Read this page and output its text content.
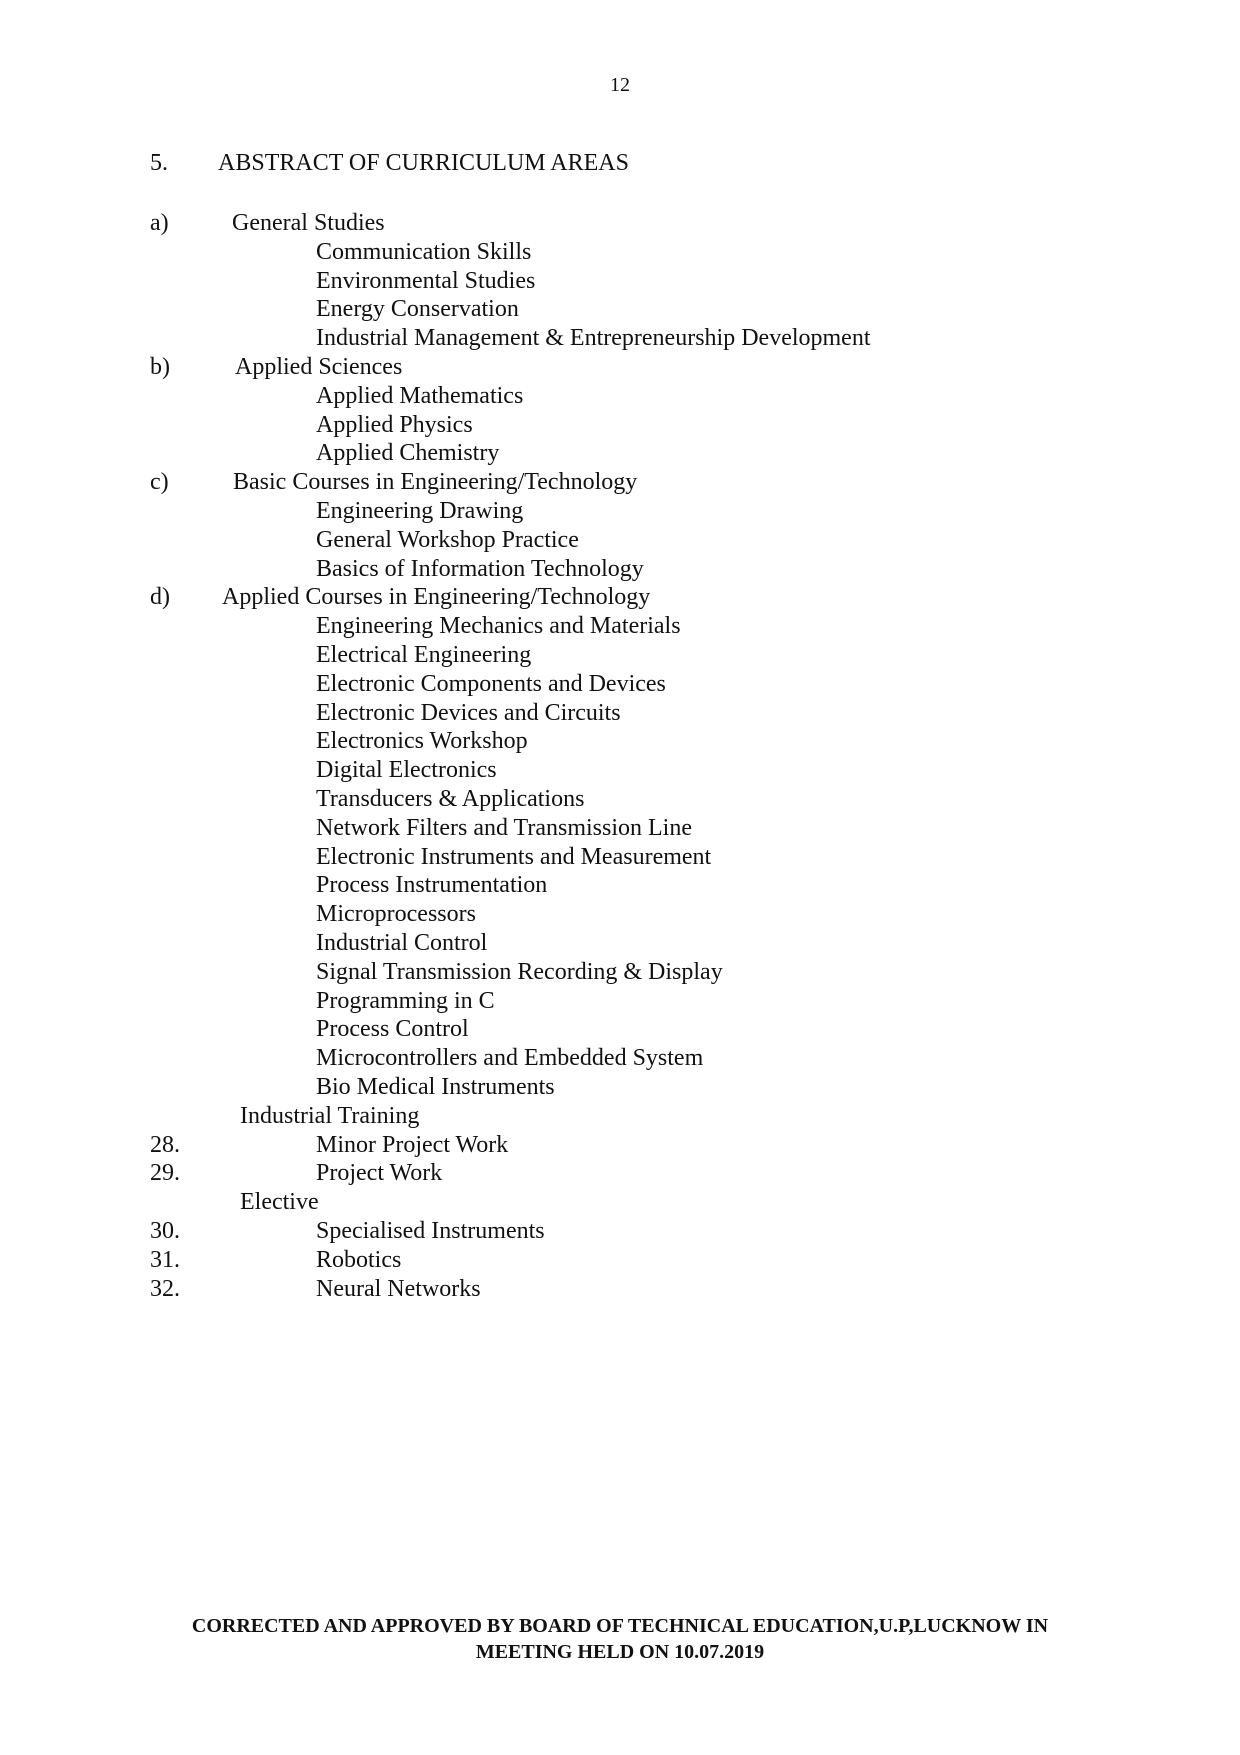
12
5. ABSTRACT OF CURRICULUM AREAS
a)	General Studies
Communication Skills
Environmental Studies
Energy Conservation
Industrial Management & Entrepreneurship Development
b)	Applied Sciences
Applied Mathematics
Applied Physics
Applied Chemistry
c)	Basic Courses in Engineering/Technology
Engineering Drawing
General Workshop Practice
Basics of Information Technology
d) Applied Courses in Engineering/Technology
Engineering Mechanics and Materials
Electrical Engineering
Electronic Components and Devices
Electronic Devices and Circuits
Electronics Workshop
Digital Electronics
Transducers & Applications
Network Filters and Transmission Line
Electronic Instruments and Measurement
Process Instrumentation
Microprocessors
Industrial Control
Signal Transmission Recording & Display
Programming in C
Process Control
Microcontrollers and Embedded System
Bio Medical Instruments
Industrial Training
28.	Minor Project Work
29.	Project Work
Elective
30.	Specialised Instruments
31.	Robotics
32.	Neural Networks
CORRECTED AND APPROVED BY BOARD OF TECHNICAL EDUCATION,U.P,LUCKNOW IN
MEETING HELD ON 10.07.2019
